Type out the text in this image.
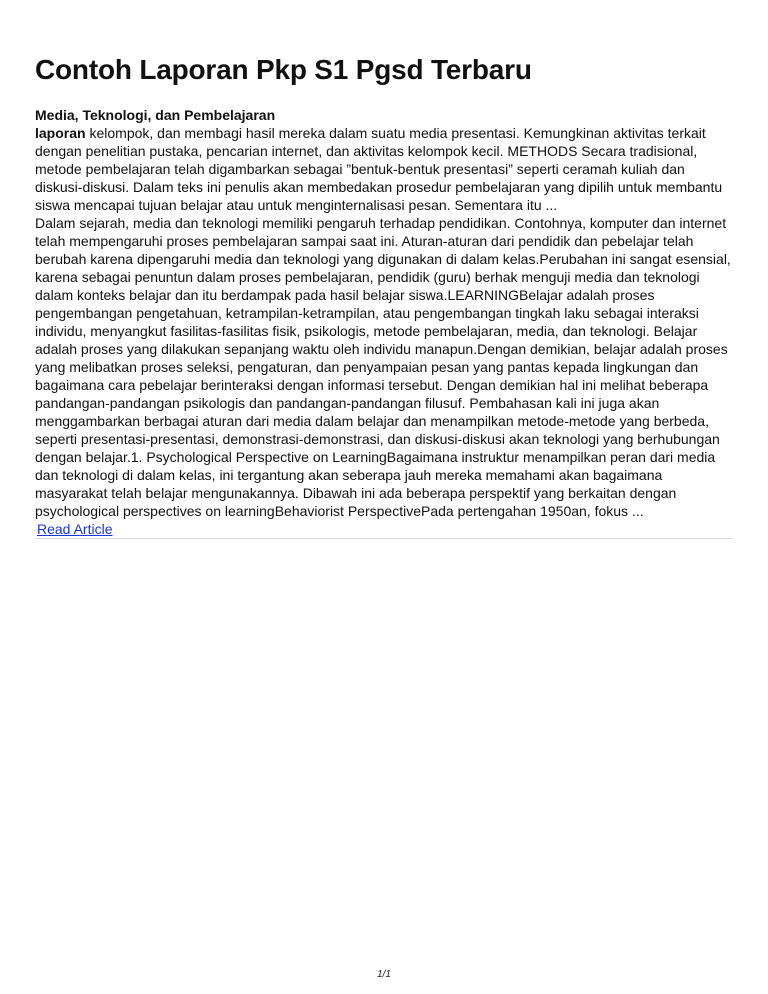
Contoh Laporan Pkp S1 Pgsd Terbaru
Media, Teknologi, dan Pembelajaran

laporan kelompok, dan membagi hasil mereka dalam suatu media presentasi. Kemungkinan aktivitas terkait dengan penelitian pustaka, pencarian internet, dan aktivitas kelompok kecil. METHODS Secara tradisional, metode pembelajaran telah digambarkan sebagai ”bentuk-bentuk presentasi” seperti ceramah kuliah dan diskusi-diskusi. Dalam teks ini penulis akan membedakan prosedur pembelajaran yang dipilih untuk membantu siswa mencapai tujuan belajar atau untuk menginternalisasi pesan. Sementara itu ...

Dalam sejarah, media dan teknologi memiliki pengaruh terhadap pendidikan. Contohnya, komputer dan internet telah mempengaruhi proses pembelajaran sampai saat ini. Aturan-aturan dari pendidik dan pebelajar telah berubah karena dipengaruhi media dan teknologi yang digunakan di dalam kelas.Perubahan ini sangat esensial, karena sebagai penuntun dalam proses pembelajaran, pendidik (guru) berhak menguji media dan teknologi dalam konteks belajar dan itu berdampak pada hasil belajar siswa.LEARNINGBelajar adalah proses pengembangan pengetahuan, ketrampilan-ketrampilan, atau pengembangan tingkah laku sebagai interaksi individu, menyangkut fasilitas-fasilitas fisik, psikologis, metode pembelajaran, media, dan teknologi. Belajar adalah proses yang dilakukan sepanjang waktu oleh individu manapun.Dengan demikian, belajar adalah proses yang melibatkan proses seleksi, pengaturan, dan penyampaian pesan yang pantas kepada lingkungan dan bagaimana cara pebelajar berinteraksi dengan informasi tersebut. Dengan demikian hal ini melihat beberapa pandangan-pandangan psikologis dan pandangan-pandangan filusuf. Pembahasan kali ini juga akan menggambarkan berbagai aturan dari media dalam belajar dan menampilkan metode-metode yang berbeda, seperti presentasi-presentasi, demonstrasi-demonstrasi, dan diskusi-diskusi akan teknologi yang berhubungan dengan belajar.1. Psychological Perspective on LearningBagaimana instruktur menampilkan peran dari media dan teknologi di dalam kelas, ini tergantung akan seberapa jauh mereka memahami akan bagaimana masyarakat telah belajar mengunakannya. Dibawah ini ada beberapa perspektif yang berkaitan dengan psychological perspectives on learningBehaviorist PerspectivePada pertengahan 1950an, fokus ...

Read Article
1/1
